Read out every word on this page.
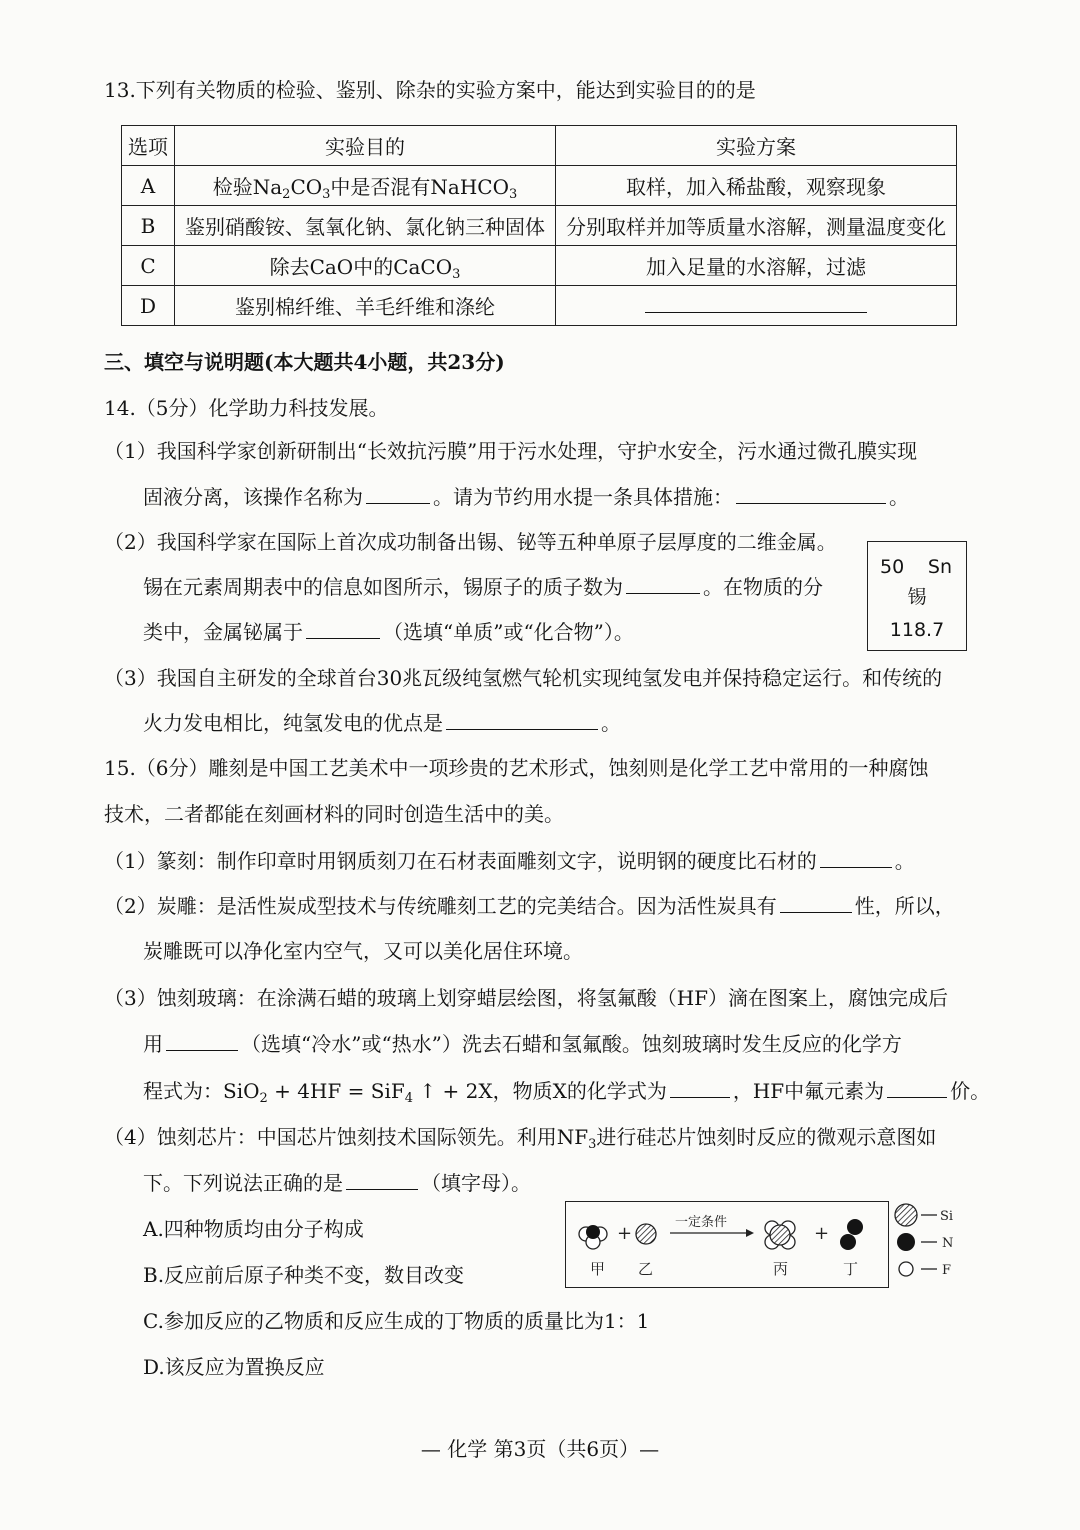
13.下列有关物质的检验、鉴别、除杂的实验方案中，能达到实验目的的是
选项	实验目的	实验方案
A	检验$Na_2CO_3$中是否混有NaHCO$_3$	取样，加入稀盐酸，观察现象
B	鉴别硝酸铵、氢氧化钠、氯化钠三种固体	分别取样并加等质量水溶解，测量温度变化
C	除去CaO中的CaCO$_3$	加入足量的水溶解，过滤
D	鉴别棉纤维、羊毛纤维和涤纶	
三、填空与说明题(本大题共4小题，共23分)
14.（5分）化学助力科技发展。
（1）我国科学家创新研制出“长效抗污膜”用于污水处理，守护水安全，污水通过微孔膜实现
固液分离，该操作名称为	。请为节约用水提一条具体措施：	。
（2）我国科学家在国际上首次成功制备出锡、铋等五种单原子层厚度的二维金属。
锡在元素周期表中的信息如图所示，锡原子的质子数为	。在物质的分
类中，金属铋属于	（选填“单质”或“化合物”）。
50 Sn
锡
118.7
（3）我国自主研发的全球首台30兆瓦级纯氢燃气轮机实现纯氢发电并保持稳定运行。和传统的
火力发电相比，纯氢发电的优点是	。
15.（6分）雕刻是中国工艺美术中一项珍贵的艺术形式，蚀刻则是化学工艺中常用的一种腐蚀
技术，二者都能在刻画材料的同时创造生活中的美。
（1）篆刻：制作印章时用钢质刻刀在石材表面雕刻文字，说明钢的硬度比石材的	。
（2）炭雕：是活性炭成型技术与传统雕刻工艺的完美结合。因为活性炭具有	性，所以，
炭雕既可以净化室内空气，又可以美化居住环境。
（3）蚀刻玻璃：在涂满石蜡的玻璃上划穿蜡层绘图，将氢氟酸（HF）滴在图案上，腐蚀完成后
用	（选填“冷水”或“热水”）洗去石蜡和氢氟酸。蚀刻玻璃时发生反应的化学方
程式为：SiO$_2$ + 4HF = SiF$_4$ ↑ + 2X，物质X的化学式为	，HF中氟元素为	价。
（4）蚀刻芯片：中国芯片蚀刻技术国际领先。利用$NF_3$进行硅芯片蚀刻时反应的微观示意图如
下。下列说法正确的是	（填字母）。
A.四种物质均由分子构成
B.反应前后原子种类不变，数目改变
C.参加反应的乙物质和反应生成的丁物质的质量比为1：1
D.该反应为置换反应
+
一定条件
+
甲 乙	丙	丁
Si
N
F
— 化学 第3页（共6页）—
